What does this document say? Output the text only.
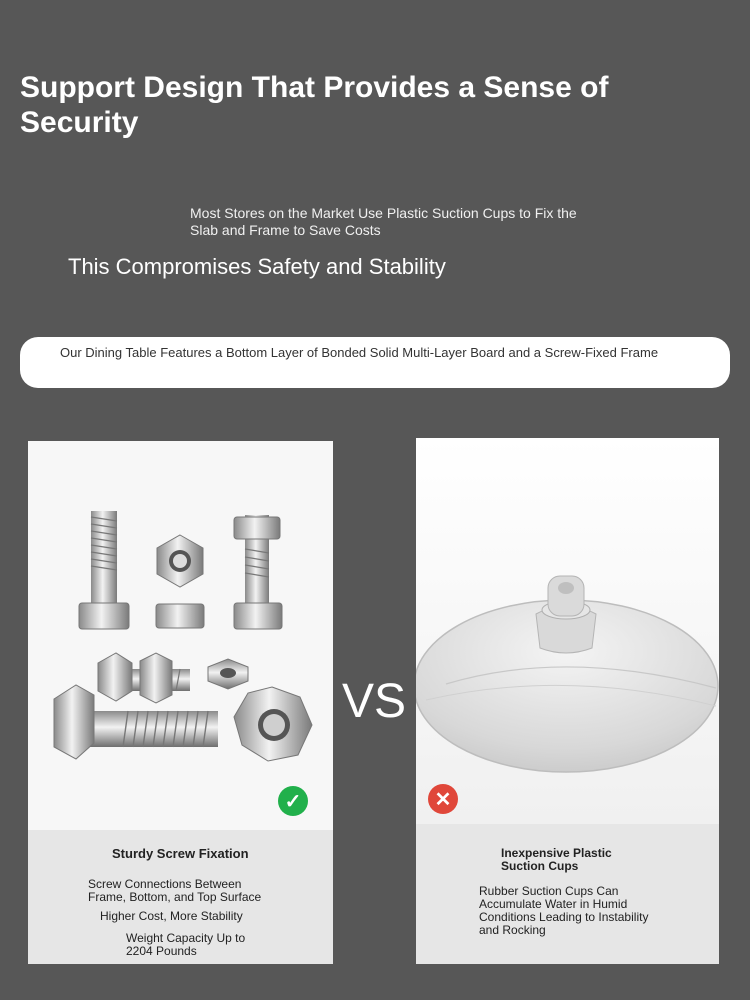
Support Design That Provides a Sense of Security
Most Stores on the Market Use Plastic Suction Cups to Fix the Slab and Frame to Save Costs
This Compromises Safety and Stability
Our Dining Table Features a Bottom Layer of Bonded Solid Multi-Layer Board and a Screw-Fixed Frame
✓
Sturdy Screw Fixation
Screw Connections Between Frame, Bottom, and Top Surface
Higher Cost, More Stability
Weight Capacity Up to 2204 Pounds
VS
✕
Inexpensive Plastic Suction Cups
Rubber Suction Cups Can Accumulate Water in Humid Conditions Leading to Instability and Rocking
